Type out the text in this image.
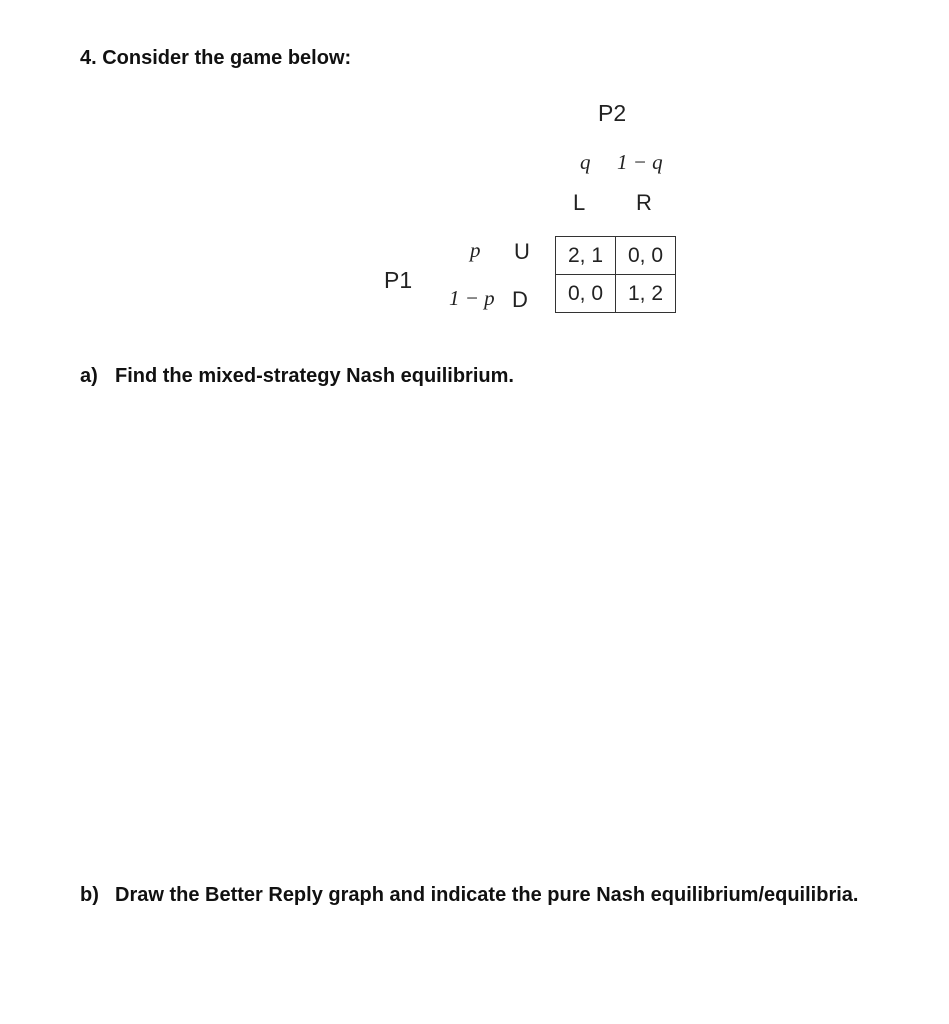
4. Consider the game below:
P2
q 1 − q
L R
P1
p
1 − p
U
D
2, 1	0, 0
0, 0	1, 2
a) Find the mixed-strategy Nash equilibrium.
b) Draw the Better Reply graph and indicate the pure Nash equilibrium/equilibria.
